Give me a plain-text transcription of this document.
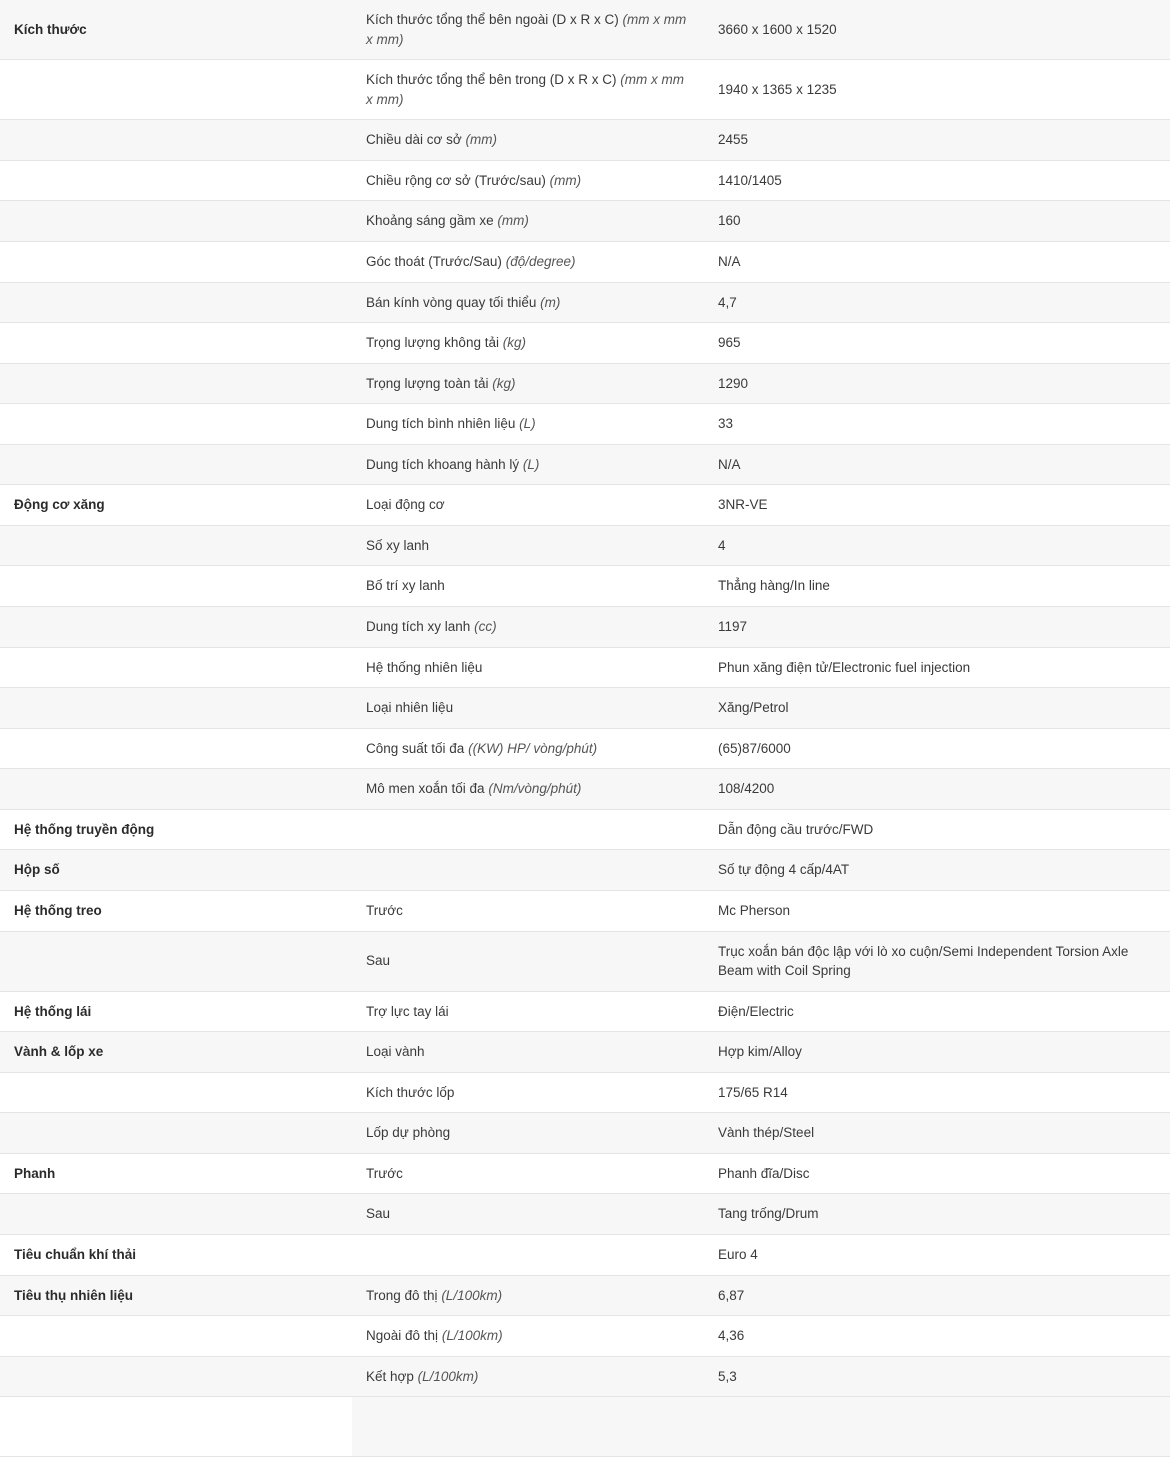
Kích thước	Kích thước tổng thể bên ngoài (D x R x C) (mm x mm x mm)	3660 x 1600 x 1520
	Kích thước tổng thể bên trong (D x R x C) (mm x mm x mm)	1940 x 1365 x 1235
	Chiều dài cơ sở (mm)	2455
	Chiều rộng cơ sở (Trước/sau) (mm)	1410/1405
	Khoảng sáng gầm xe (mm)	160
	Góc thoát (Trước/Sau) (độ/degree)	N/A
	Bán kính vòng quay tối thiểu (m)	4,7
	Trọng lượng không tải (kg)	965
	Trọng lượng toàn tải (kg)	1290
	Dung tích bình nhiên liệu (L)	33
	Dung tích khoang hành lý (L)	N/A
Động cơ xăng	Loại động cơ	3NR-VE
	Số xy lanh	4
	Bố trí xy lanh	Thẳng hàng/In line
	Dung tích xy lanh (cc)	1197
	Hệ thống nhiên liệu	Phun xăng điện tử/Electronic fuel injection
	Loại nhiên liệu	Xăng/Petrol
	Công suất tối đa ((KW) HP/ vòng/phút)	(65)87/6000
	Mô men xoắn tối đa (Nm/vòng/phút)	108/4200
Hệ thống truyền động		Dẫn động cầu trước/FWD
Hộp số		Số tự động 4 cấp/4AT
Hệ thống treo	Trước	Mc Pherson
	Sau	Trục xoắn bán độc lập với lò xo cuộn/Semi Independent Torsion Axle Beam with Coil Spring
Hệ thống lái	Trợ lực tay lái	Điện/Electric
Vành & lốp xe	Loại vành	Hợp kim/Alloy
	Kích thước lốp	175/65 R14
	Lốp dự phòng	Vành thép/Steel
Phanh	Trước	Phanh đĩa/Disc
	Sau	Tang trống/Drum
Tiêu chuẩn khí thải		Euro 4
Tiêu thụ nhiên liệu	Trong đô thị (L/100km)	6,87
	Ngoài đô thị (L/100km)	4,36
	Kết hợp (L/100km)	5,3
